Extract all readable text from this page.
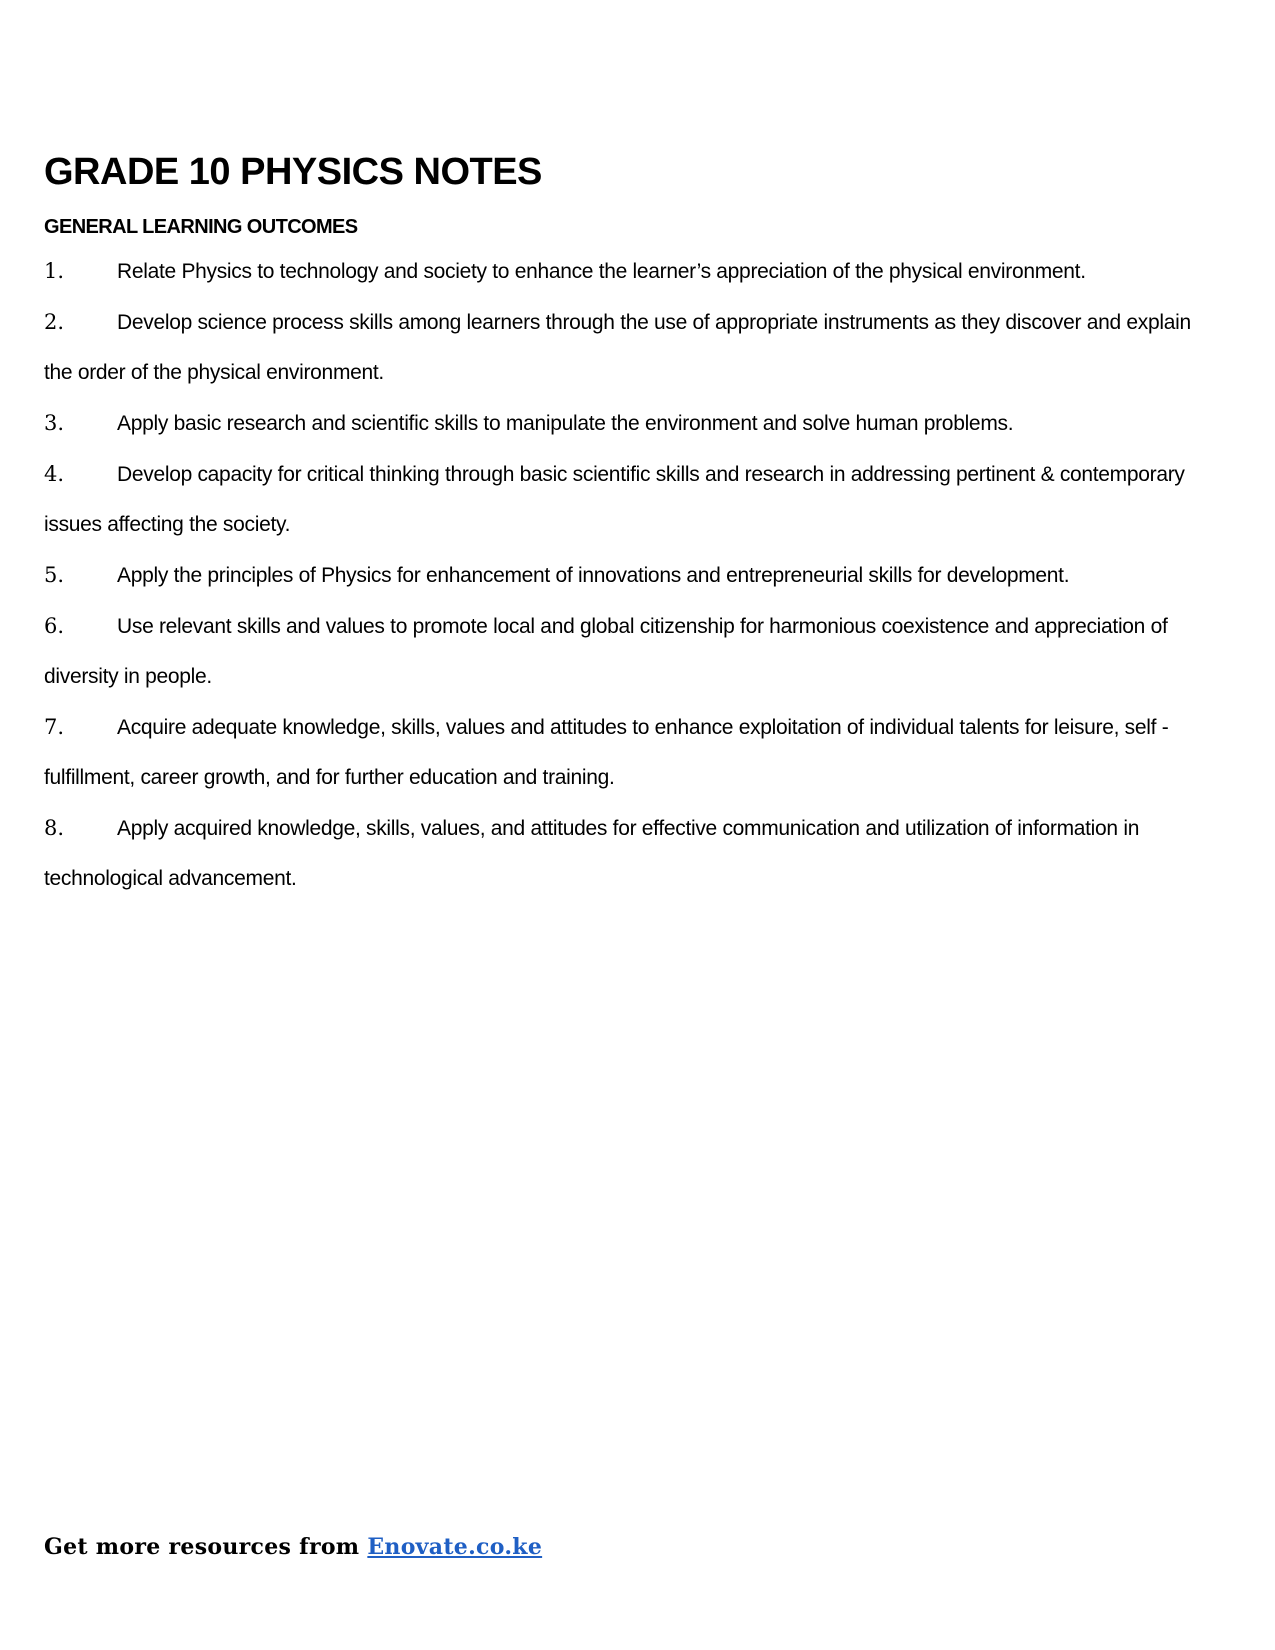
GRADE 10 PHYSICS NOTES
GENERAL LEARNING OUTCOMES
1.	Relate Physics to technology and society to enhance the learner’s appreciation of the physical environment.
2.	Develop science process skills among learners through the use of appropriate instruments as they discover and explain the order of the physical environment.
3.	Apply basic research and scientific skills to manipulate the environment and solve human problems.
4.	Develop capacity for critical thinking through basic scientific skills and research in addressing pertinent & contemporary issues affecting the society.
5.	Apply the principles of Physics for enhancement of innovations and entrepreneurial skills for development.
6.	Use relevant skills and values to promote local and global citizenship for harmonious coexistence and appreciation of diversity in people.
7.	Acquire adequate knowledge, skills, values and attitudes to enhance exploitation of individual talents for leisure, self -fulfillment, career growth, and for further education and training.
8.	Apply acquired knowledge, skills, values, and attitudes for effective communication and utilization of information in technological advancement.
Get more resources from Enovate.co.ke
